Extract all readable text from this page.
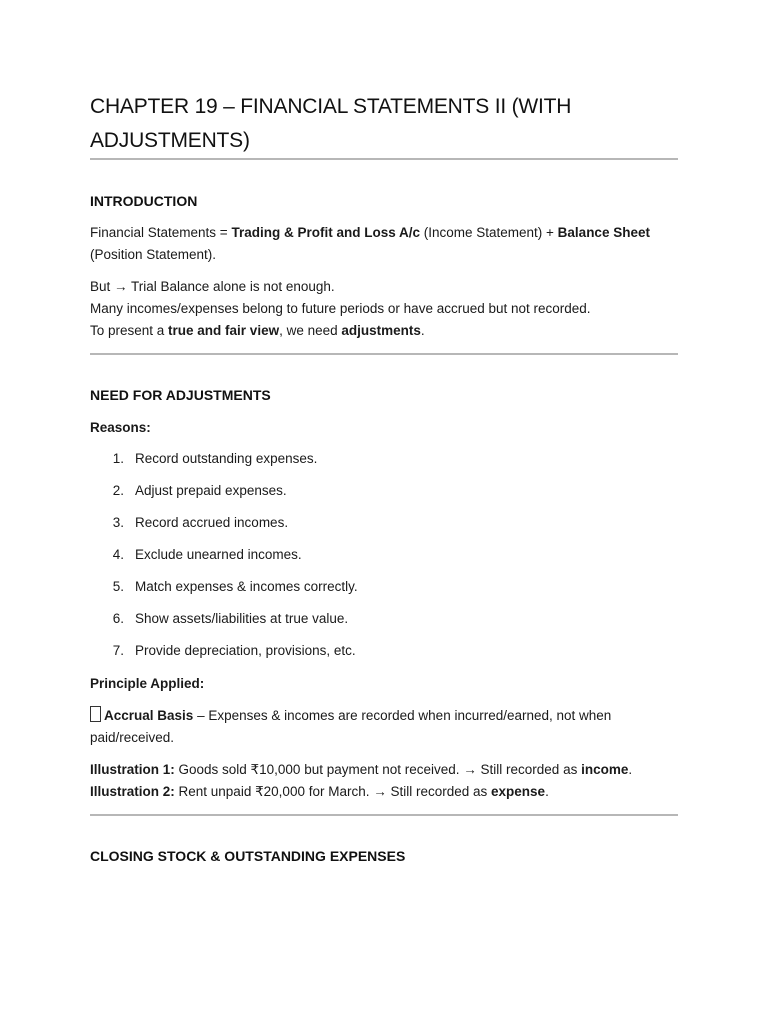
CHAPTER 19 – FINANCIAL STATEMENTS II (WITH ADJUSTMENTS)
INTRODUCTION

Financial Statements = Trading & Profit and Loss A/c (Income Statement) + Balance Sheet (Position Statement).

But → Trial Balance alone is not enough.
Many incomes/expenses belong to future periods or have accrued but not recorded.
To present a true and fair view, we need adjustments.

NEED FOR ADJUSTMENTS

Reasons:

1. Record outstanding expenses.
2. Adjust prepaid expenses.
3. Record accrued incomes.
4. Exclude unearned incomes.
5. Match expenses & incomes correctly.
6. Show assets/liabilities at true value.
7. Provide depreciation, provisions, etc.

Principle Applied:

Accrual Basis – Expenses & incomes are recorded when incurred/earned, not when paid/received.

Illustration 1: Goods sold ₹10,000 but payment not received. → Still recorded as income.
Illustration 2: Rent unpaid ₹20,000 for March. → Still recorded as expense.

CLOSING STOCK & OUTSTANDING EXPENSES
